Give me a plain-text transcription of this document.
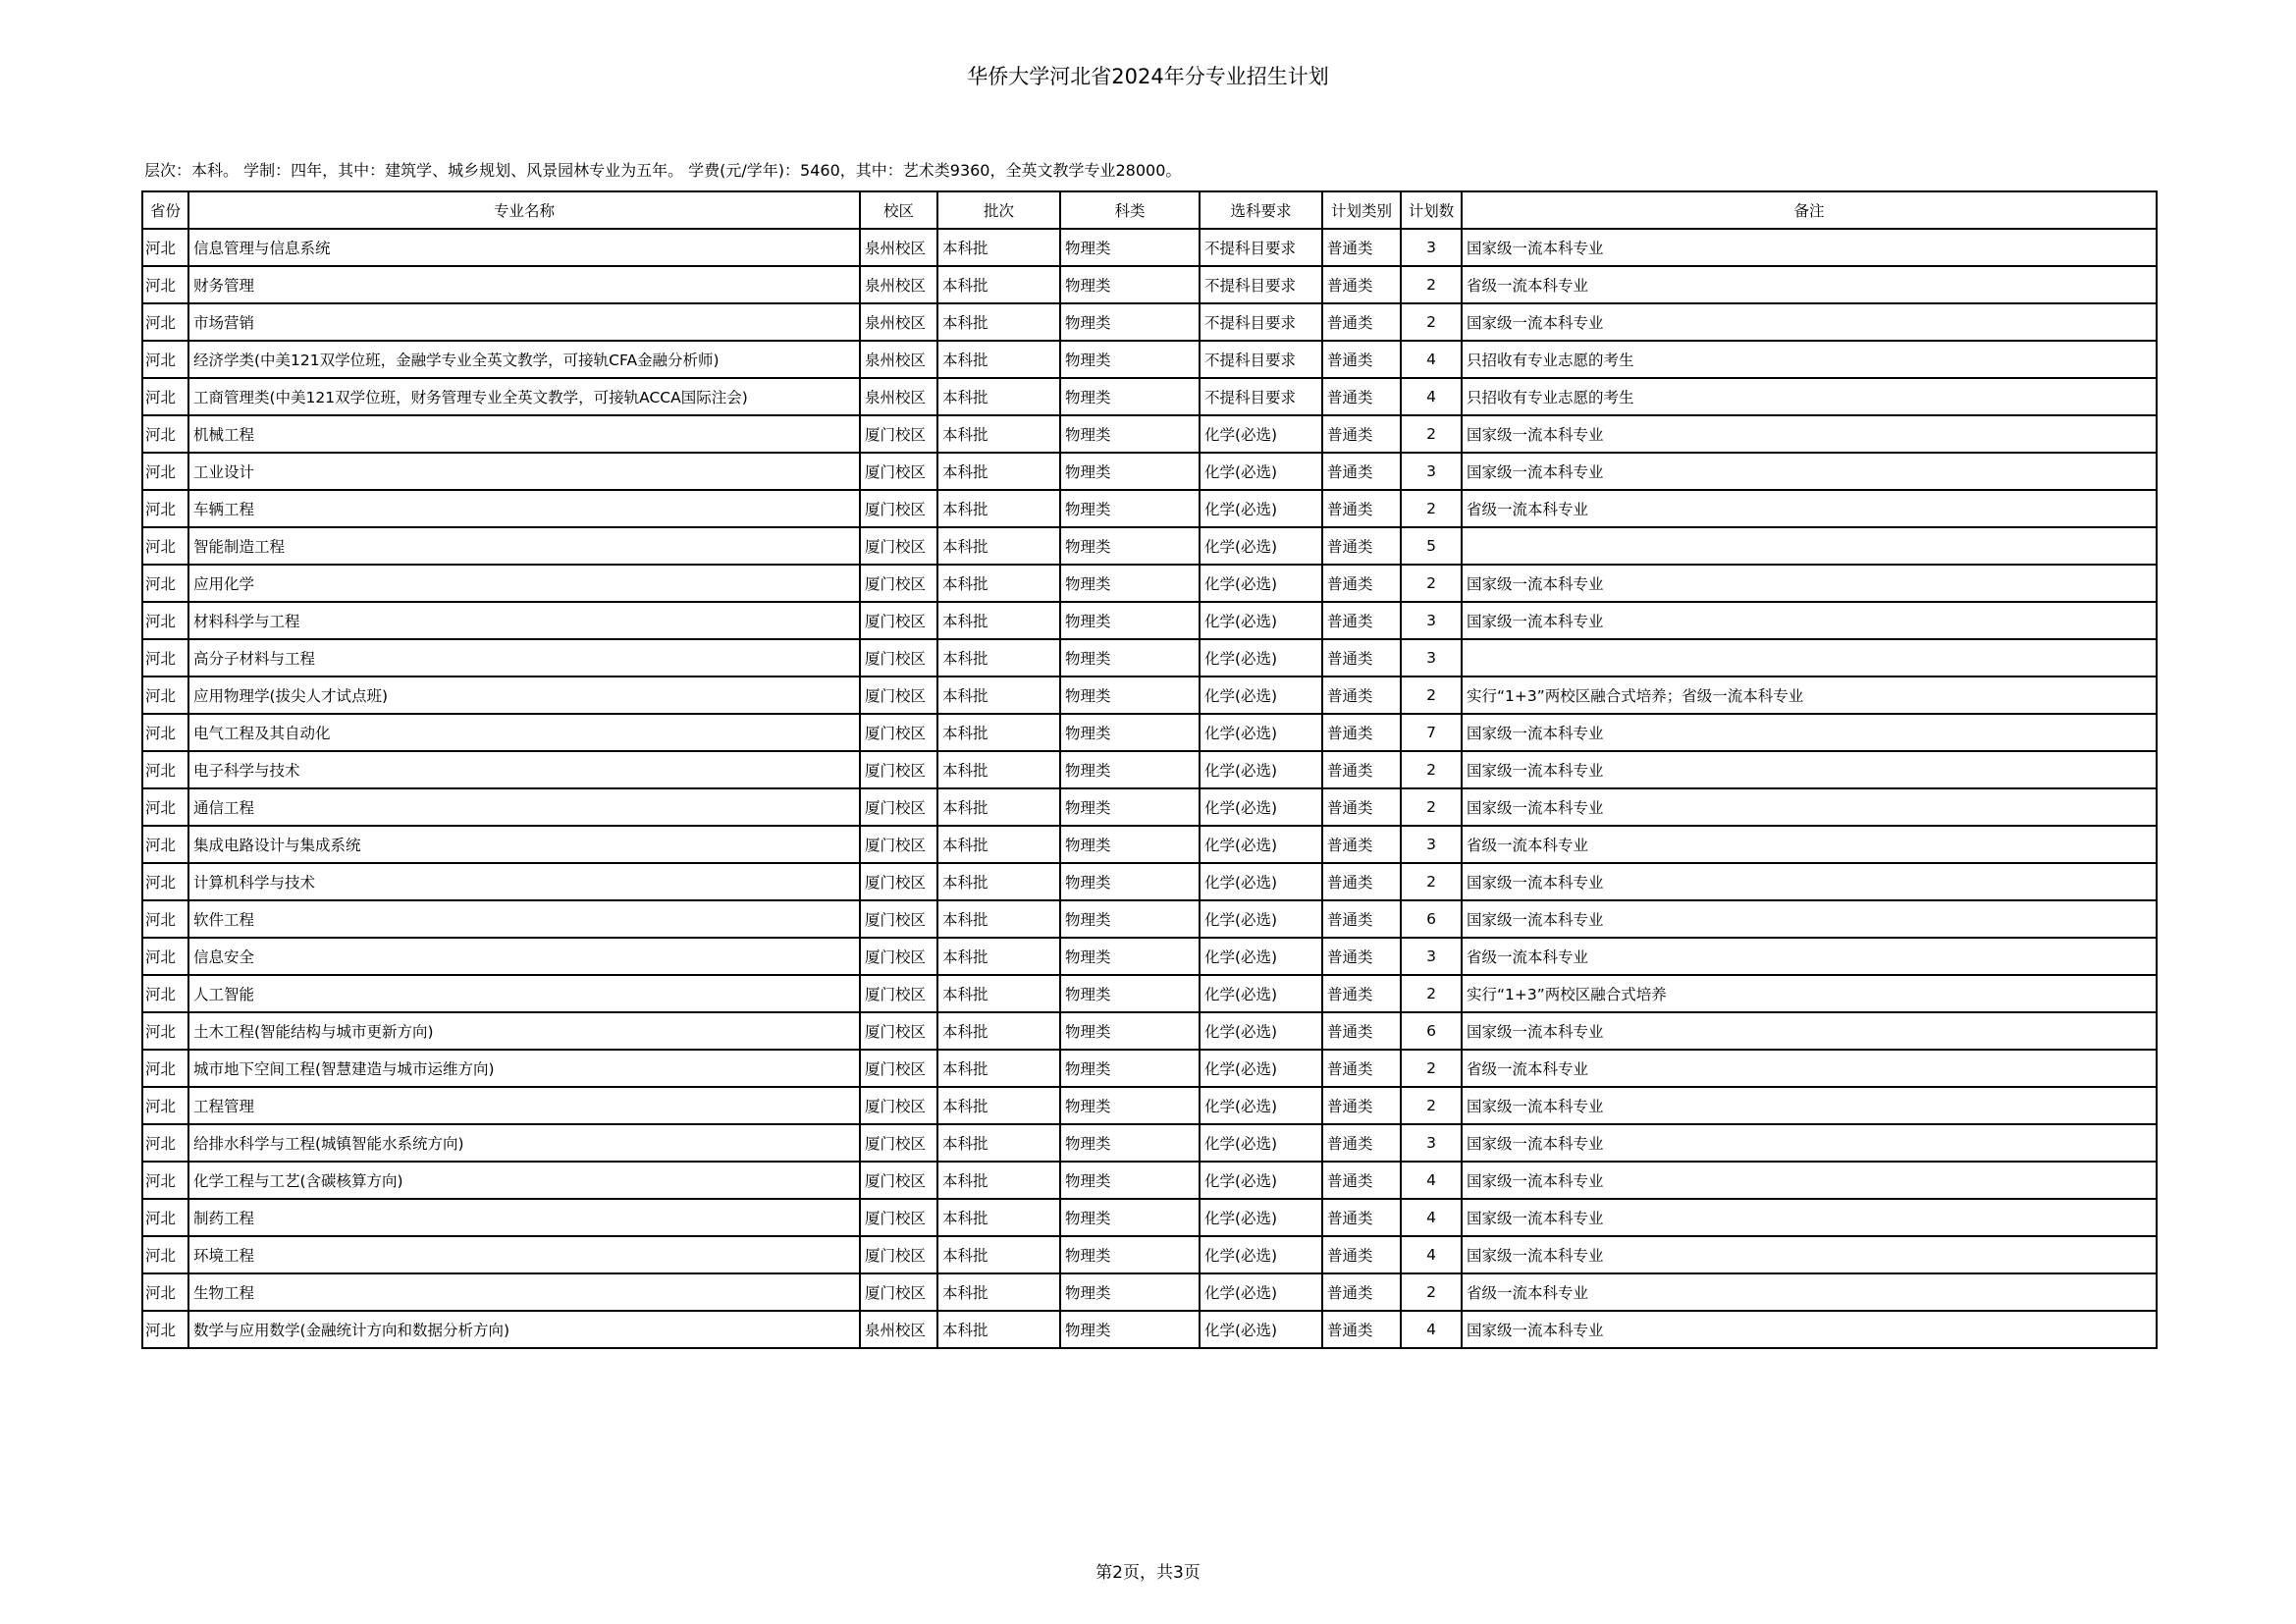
华侨大学河北省2024年分专业招生计划
层次：本科。 学制：四年，其中：建筑学、城乡规划、风景园林专业为五年。 学费(元/学年)：5460，其中：艺术类9360，全英文教学专业28000。
省份	专业名称	校区	批次	科类	选科要求	计划类别	计划数	备注
河北	信息管理与信息系统	泉州校区	本科批	物理类	不提科目要求	普通类	3	国家级一流本科专业
河北	财务管理	泉州校区	本科批	物理类	不提科目要求	普通类	2	省级一流本科专业
河北	市场营销	泉州校区	本科批	物理类	不提科目要求	普通类	2	国家级一流本科专业
河北	经济学类(中美121双学位班，金融学专业全英文教学，可接轨CFA金融分析师)	泉州校区	本科批	物理类	不提科目要求	普通类	4	只招收有专业志愿的考生
河北	工商管理类(中美121双学位班，财务管理专业全英文教学，可接轨ACCA国际注会)	泉州校区	本科批	物理类	不提科目要求	普通类	4	只招收有专业志愿的考生
河北	机械工程	厦门校区	本科批	物理类	化学(必选)	普通类	2	国家级一流本科专业
河北	工业设计	厦门校区	本科批	物理类	化学(必选)	普通类	3	国家级一流本科专业
河北	车辆工程	厦门校区	本科批	物理类	化学(必选)	普通类	2	省级一流本科专业
河北	智能制造工程	厦门校区	本科批	物理类	化学(必选)	普通类	5	
河北	应用化学	厦门校区	本科批	物理类	化学(必选)	普通类	2	国家级一流本科专业
河北	材料科学与工程	厦门校区	本科批	物理类	化学(必选)	普通类	3	国家级一流本科专业
河北	高分子材料与工程	厦门校区	本科批	物理类	化学(必选)	普通类	3	
河北	应用物理学(拔尖人才试点班)	厦门校区	本科批	物理类	化学(必选)	普通类	2	实行“1+3”两校区融合式培养；省级一流本科专业
河北	电气工程及其自动化	厦门校区	本科批	物理类	化学(必选)	普通类	7	国家级一流本科专业
河北	电子科学与技术	厦门校区	本科批	物理类	化学(必选)	普通类	2	国家级一流本科专业
河北	通信工程	厦门校区	本科批	物理类	化学(必选)	普通类	2	国家级一流本科专业
河北	集成电路设计与集成系统	厦门校区	本科批	物理类	化学(必选)	普通类	3	省级一流本科专业
河北	计算机科学与技术	厦门校区	本科批	物理类	化学(必选)	普通类	2	国家级一流本科专业
河北	软件工程	厦门校区	本科批	物理类	化学(必选)	普通类	6	国家级一流本科专业
河北	信息安全	厦门校区	本科批	物理类	化学(必选)	普通类	3	省级一流本科专业
河北	人工智能	厦门校区	本科批	物理类	化学(必选)	普通类	2	实行“1+3”两校区融合式培养
河北	土木工程(智能结构与城市更新方向)	厦门校区	本科批	物理类	化学(必选)	普通类	6	国家级一流本科专业
河北	城市地下空间工程(智慧建造与城市运维方向)	厦门校区	本科批	物理类	化学(必选)	普通类	2	省级一流本科专业
河北	工程管理	厦门校区	本科批	物理类	化学(必选)	普通类	2	国家级一流本科专业
河北	给排水科学与工程(城镇智能水系统方向)	厦门校区	本科批	物理类	化学(必选)	普通类	3	国家级一流本科专业
河北	化学工程与工艺(含碳核算方向)	厦门校区	本科批	物理类	化学(必选)	普通类	4	国家级一流本科专业
河北	制药工程	厦门校区	本科批	物理类	化学(必选)	普通类	4	国家级一流本科专业
河北	环境工程	厦门校区	本科批	物理类	化学(必选)	普通类	4	国家级一流本科专业
河北	生物工程	厦门校区	本科批	物理类	化学(必选)	普通类	2	省级一流本科专业
河北	数学与应用数学(金融统计方向和数据分析方向)	泉州校区	本科批	物理类	化学(必选)	普通类	4	国家级一流本科专业
第2页，共3页
